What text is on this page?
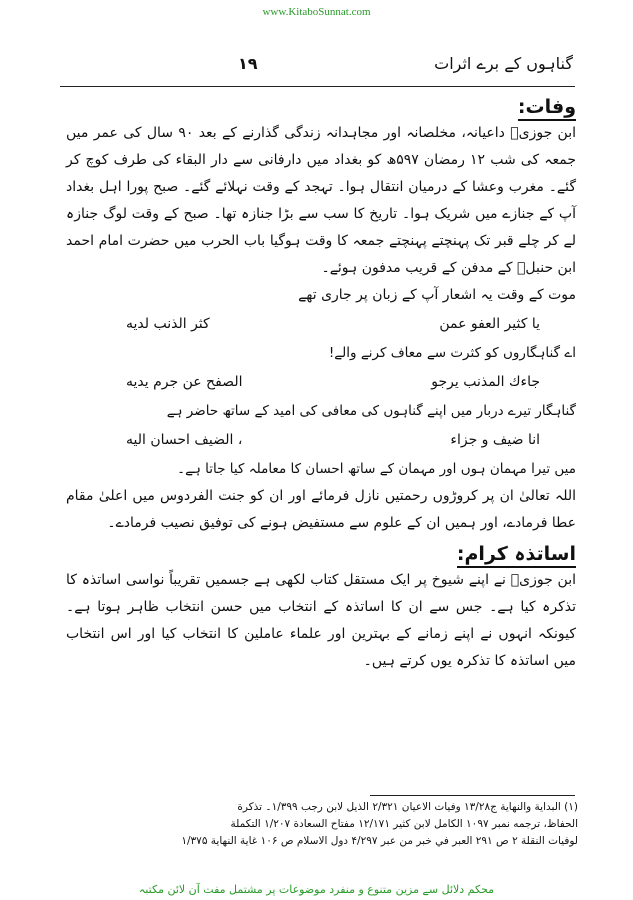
www.KitaboSunnat.com
گناہوں کے برے اثرات
۱۹
وفات:

ابن جوزیؒ داعیانہ، مخلصانہ اور مجاہدانہ زندگی گذارنے کے بعد ۹۰ سال کی عمر میں جمعہ کی شب ۱۲ رمضان ۵۹۷ھ کو بغداد میں دارفانی سے دار البقاء کی طرف کوچ کر گئے۔ مغرب وعشا کے درمیان انتقال ہوا۔ تہجد کے وقت نہلائے گئے۔ صبح پورا اہل بغداد آپ کے جنازے میں شریک ہوا۔ تاریخ کا سب سے بڑا جنازہ تھا۔ صبح کے وقت لوگ جنازہ لے کر چلے قبر تک پہنچتے پہنچتے جمعہ کا وقت ہوگیا باب الحرب میں حضرت امام احمد ابن حنبلؒ کے مدفن کے قریب مدفون ہوئے۔

موت کے وقت یہ اشعار آپ کے زبان پر جاری تھے

يا كثير العفو عمن
كثر الذنب لديه

اے گناہگاروں کو کثرت سے معاف کرنے والے!

جاءك المذنب يرجو
الصفح عن جرم يديه

گناہگار تیرے دربار میں اپنے گناہوں کی معافی کی امید کے ساتھ حاضر ہے

انا ضيف و جزاء
، الضيف احسان اليه

میں تیرا مہمان ہوں اور مہمان کے ساتھ احسان کا معاملہ کیا جاتا ہے۔

اللہ تعالیٰ ان پر کروڑوں رحمتیں نازل فرمائے اور ان کو جنت الفردوس میں اعلیٰ مقام عطا فرمادے، اور ہمیں ان کے علوم سے مستفیض ہونے کی توفیق نصیب فرمادے۔

اساتذہ کرام:

ابن جوزیؒ نے اپنے شیوخ پر ایک مستقل کتاب لکھی ہے جسمیں تقریباً نواسی اساتذہ کا تذکرہ کیا ہے۔ جس سے ان کا اساتذہ کے انتخاب میں حسن انتخاب ظاہر ہوتا ہے۔ کیونکہ انہوں نے اپنے زمانے کے بہترین اور علماء عاملین کا انتخاب کیا اور اس انتخاب میں اساتذہ کا تذکرہ یوں کرتے ہیں۔

(۱) البداية والنهاية ج۱۳/۲۸ وفيات الاعيان ۲/۳۲۱ الذيل لابن رجب ۱/۳۹۹۔ تذكرة

الحفاظ، ترجمه نمبر ۱۰۹۷ الكامل لابن كثير ۱۲/۱۷۱ مفتاح السعادة ۱/۲۰۷ التكملة

لوفيات النقلة ۲ ص ۲۹۱ العبر في خبر من عبر ۴/۲۹۷ دول الاسلام ص ۱۰۶ غاية النهاية ۱/۳۷۵

محکم دلائل سے مزین متنوع و منفرد موضوعات پر مشتمل مفت آن لائن مکتبہ
